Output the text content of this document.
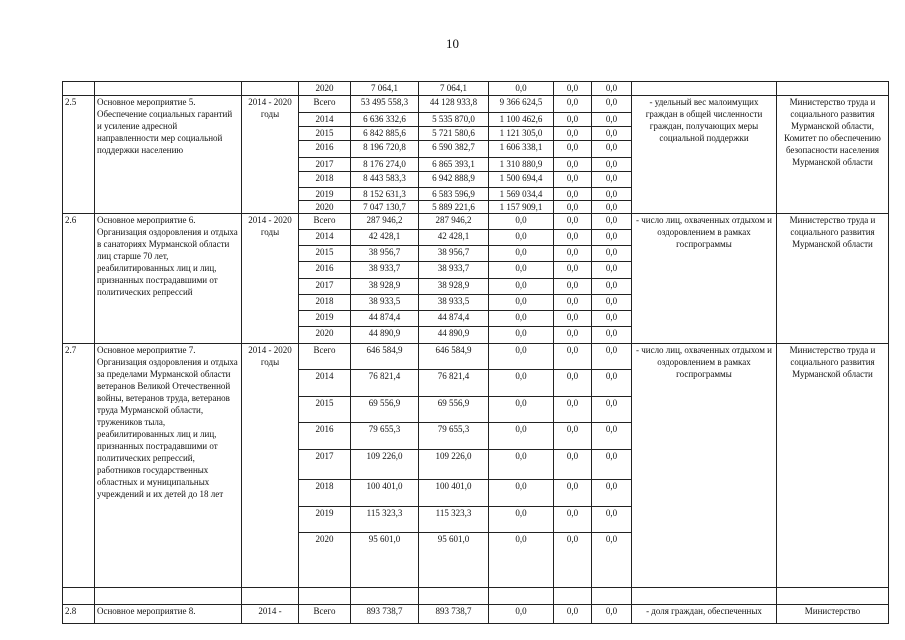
10
			2020	7 064,1	7 064,1	0,0	0,0	0,0		
2.5	Основное мероприятие 5. Обеспечение социальных гарантий и усиление адресной направленности мер социальной поддержки населению	2014 - 2020 годы	Всего	53 495 558,3	44 128 933,8	9 366 624,5	0,0	0,0	- удельный вес малоимущих граждан в общей численности граждан, получающих меры социальной поддержки	Министерство труда и социального развития Мурманской области, Комитет по обеспечению безопасности населения Мурманской области
			2014	6 636 332,6	5 535 870,0	1 100 462,6	0,0	0,0		
			2015	6 842 885,6	5 721 580,6	1 121 305,0	0,0	0,0		
			2016	8 196 720,8	6 590 382,7	1 606 338,1	0,0	0,0		
			2017	8 176 274,0	6 865 393,1	1 310 880,9	0,0	0,0		
			2018	8 443 583,3	6 942 888,9	1 500 694,4	0,0	0,0		
			2019	8 152 631,3	6 583 596,9	1 569 034,4	0,0	0,0		
			2020	7 047 130,7	5 889 221,6	1 157 909,1	0,0	0,0		
2.6	Основное мероприятие 6. Организация оздоровления и отдыха в санаториях Мурманской области лиц старше 70 лет, реабилитированных лиц и лиц, признанных пострадавшими от политических репрессий	2014 - 2020 годы	Всего	287 946,2	287 946,2	0,0	0,0	0,0	- число лиц, охваченных отдыхом и оздоровлением в рамках госпрограммы	Министерство труда и социального развития Мурманской области
			2014	42 428,1	42 428,1	0,0	0,0	0,0		
			2015	38 956,7	38 956,7	0,0	0,0	0,0		
			2016	38 933,7	38 933,7	0,0	0,0	0,0		
			2017	38 928,9	38 928,9	0,0	0,0	0,0		
			2018	38 933,5	38 933,5	0,0	0,0	0,0		
			2019	44 874,4	44 874,4	0,0	0,0	0,0		
			2020	44 890,9	44 890,9	0,0	0,0	0,0		
2.7	Основное мероприятие 7. Организация оздоровления и отдыха за пределами Мурманской области ветеранов Великой Отечественной войны, ветеранов труда, ветеранов труда Мурманской области, тружеников тыла, реабилитированных лиц и лиц, признанных пострадавшими от политических репрессий, работников государственных областных и муниципальных учреждений и их детей до 18 лет	2014 - 2020 годы	Всего	646 584,9	646 584,9	0,0	0,0	0,0	- число лиц, охваченных отдыхом и оздоровлением в рамках госпрограммы	Министерство труда и социального развития Мурманской области
			2014	76 821,4	76 821,4	0,0	0,0	0,0		
			2015	69 556,9	69 556,9	0,0	0,0	0,0		
			2016	79 655,3	79 655,3	0,0	0,0	0,0		
			2017	109 226,0	109 226,0	0,0	0,0	0,0		
			2018	100 401,0	100 401,0	0,0	0,0	0,0		
			2019	115 323,3	115 323,3	0,0	0,0	0,0		
			2020	95 601,0	95 601,0	0,0	0,0	0,0		

2.8	Основное мероприятие 8.	2014 -	Всего	893 738,7	893 738,7	0,0	0,0	0,0	- доля граждан, обеспеченных	Министерство
